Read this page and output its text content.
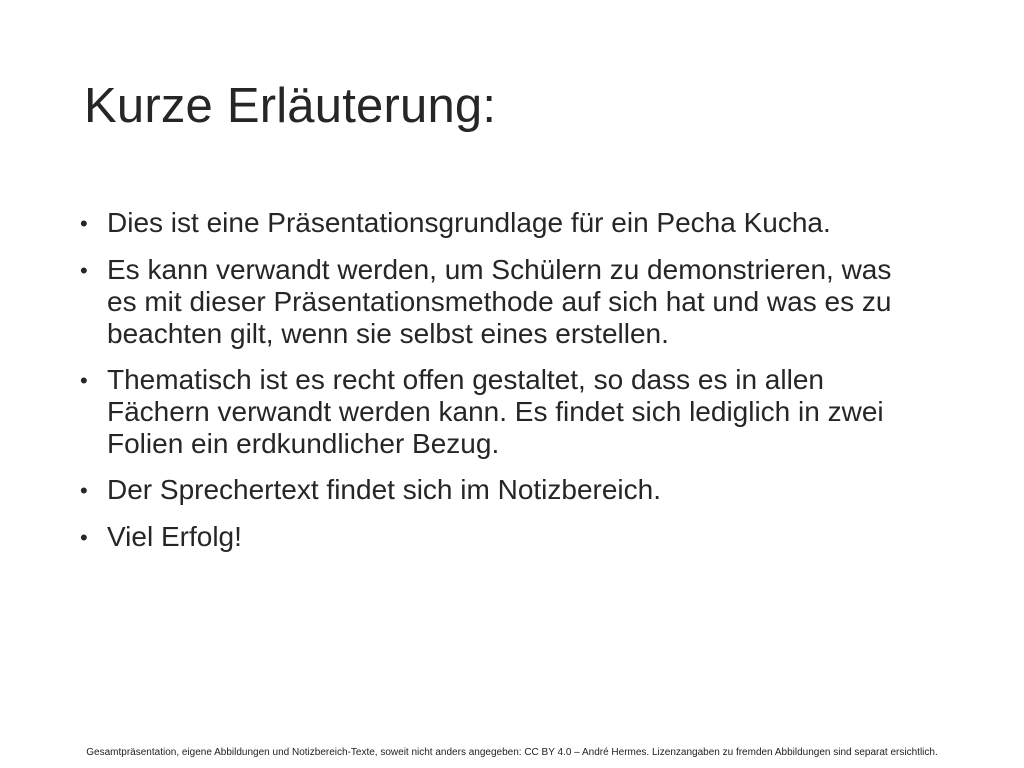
Kurze Erläuterung:
• Dies ist eine Präsentationsgrundlage für ein Pecha Kucha.
• Es kann verwandt werden, um Schülern zu demonstrieren, was es mit dieser Präsentationsmethode auf sich hat und was es zu beachten gilt, wenn sie selbst eines erstellen.
• Thematisch ist es recht offen gestaltet, so dass es in allen Fächern verwandt werden kann. Es findet sich lediglich in zwei Folien ein erdkundlicher Bezug.
• Der Sprechertext findet sich im Notizbereich.
• Viel Erfolg!
Gesamtpräsentation, eigene Abbildungen und Notizbereich-Texte, soweit nicht anders angegeben: CC BY 4.0 – André Hermes. Lizenzangaben zu fremden Abbildungen sind separat ersichtlich.
